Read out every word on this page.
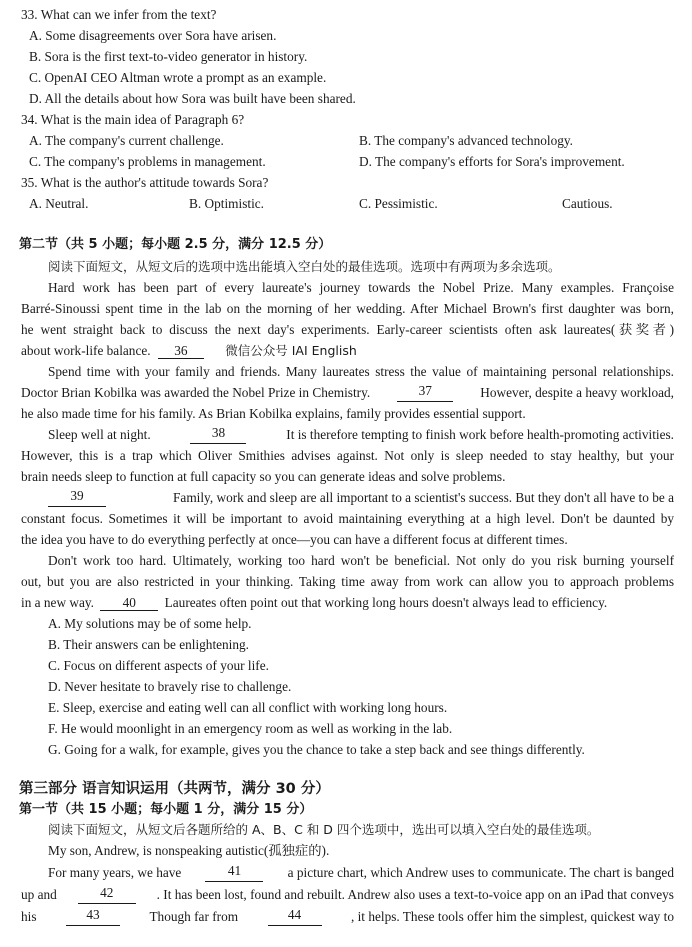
33. What can we infer from the text?
A. Some disagreements over Sora have arisen.
B. Sora is the first text-to-video generator in history.
C. OpenAI CEO Altman wrote a prompt as an example.
D. All the details about how Sora was built have been shared.
34. What is the main idea of Paragraph 6?
A. The company's current challenge.	B. The company's advanced technology.
C. The company's problems in management.	D. The company's efforts for Sora's improvement.
35. What is the author's attitude towards Sora?
A. Neutral.	B. Optimistic.	C. Pessimistic.	Cautious.
第二节（共 5 小题；每小题 2.5 分，满分 12.5 分）
阅读下面短文，从短文后的选项中选出能填入空白处的最佳选项。选项中有两项为多余选项。
Hard work has been part of every laureate's journey towards the Nobel Prize. Many examples. Françoise
Barré-Sinoussi spent time in the lab on the morning of her wedding. After Michael Brown's first daughter was born,
he went straight back to discuss the next day's experiments. Early-career scientists often ask laureates(获奖者)
about work-life balance. 36	微信公众号 IAI English
Spend time with your family and friends. Many laureates stress the value of maintaining personal relationships.
Doctor Brian Kobilka was awarded the Nobel Prize in Chemistry.	37	However, despite a heavy workload,
he also made time for his family. As Brian Kobilka explains, family provides essential support.
Sleep well at night.	38	It is therefore tempting to finish work before health-promoting activities.
However, this is a trap which Oliver Smithies advises against. Not only is sleep needed to stay healthy, but your
brain needs sleep to function at full capacity so you can generate ideas and solve problems.
39	Family, work and sleep are all important to a scientist's success. But they don't all have to be a
constant focus. Sometimes it will be important to avoid maintaining everything at a high level. Don't be daunted by
the idea you have to do everything perfectly at once—you can have a different focus at different times.
Don't work too hard. Ultimately, working too hard won't be beneficial. Not only do you risk burning yourself
out, but you are also restricted in your thinking. Taking time away from work can allow you to approach problems
in a new way. 40 Laureates often point out that working long hours doesn't always lead to efficiency.
A. My solutions may be of some help.
B. Their answers can be enlightening.
C. Focus on different aspects of your life.
D. Never hesitate to bravely rise to challenge.
E. Sleep, exercise and eating well can all conflict with working long hours.
F. He would moonlight in an emergency room as well as working in the lab.
G. Going for a walk, for example, gives you the chance to take a step back and see things differently.
第三部分 语言知识运用（共两节，满分 30 分）
第一节（共 15 小题；每小题 1 分，满分 15 分）
阅读下面短文，从短文后各题所给的 A、B、C 和 D 四个选项中，选出可以填入空白处的最佳选项。
My son, Andrew, is nonspeaking autistic(孤独症的).
For many years, we have	41	a picture chart, which Andrew uses to communicate. The chart is banged
up and	42	. It has been lost, found and rebuilt. Andrew also uses a text-to-voice app on an iPad that conveys
his	43	Though far from	44	, it helps. These tools offer him the simplest, quickest way to
